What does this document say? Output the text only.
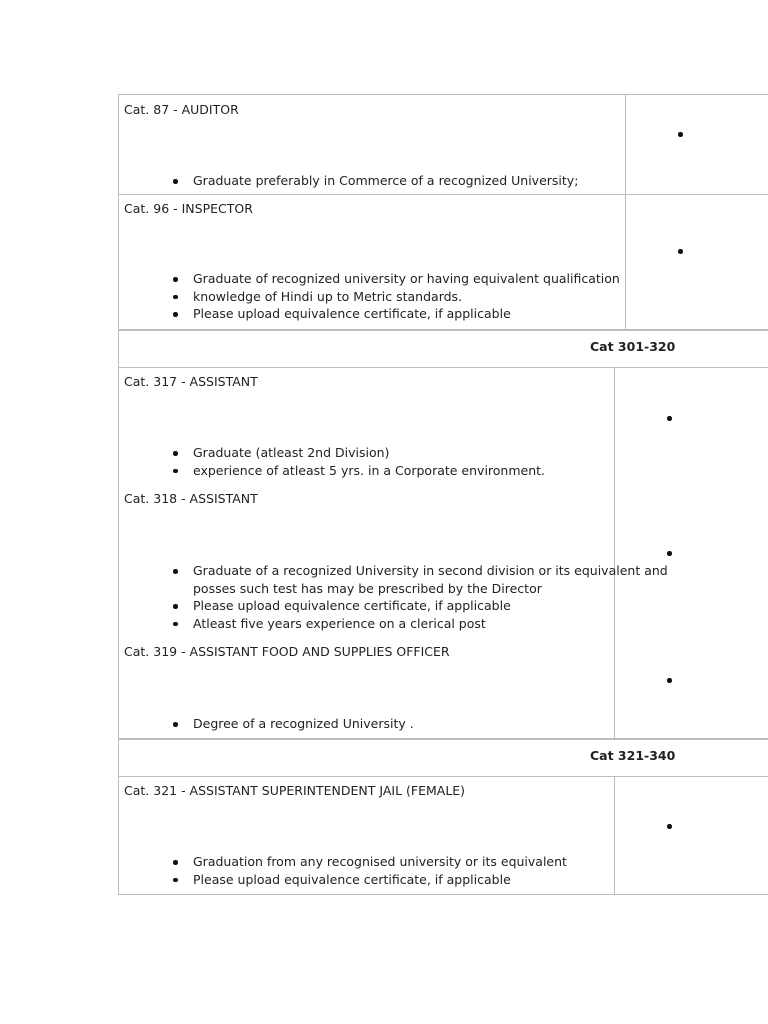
Cat. 87 - AUDITOR

Graduate preferably in Commerce of a recognized University;

Cat. 96 - INSPECTOR

Graduate of recognized university or having equivalent qualification
knowledge of Hindi up to Metric standards.
Please upload equivalence certificate, if applicable
Cat 301-320

Cat. 317 - ASSISTANT

Graduate (atleast 2nd Division)
experience of atleast 5 yrs. in a Corporate environment.

Cat. 318 - ASSISTANT

Graduate of a recognized University in second division or its equivalent and posses such test has may be prescribed by the Director
Please upload equivalence certificate, if applicable
Atleast five years experience on a clerical post

Cat. 319 - ASSISTANT FOOD AND SUPPLIES OFFICER

Degree of a recognized University .
Cat 321-340

Cat. 321 - ASSISTANT SUPERINTENDENT JAIL (FEMALE)

Graduation from any recognised university or its equivalent
Please upload equivalence certificate, if applicable
